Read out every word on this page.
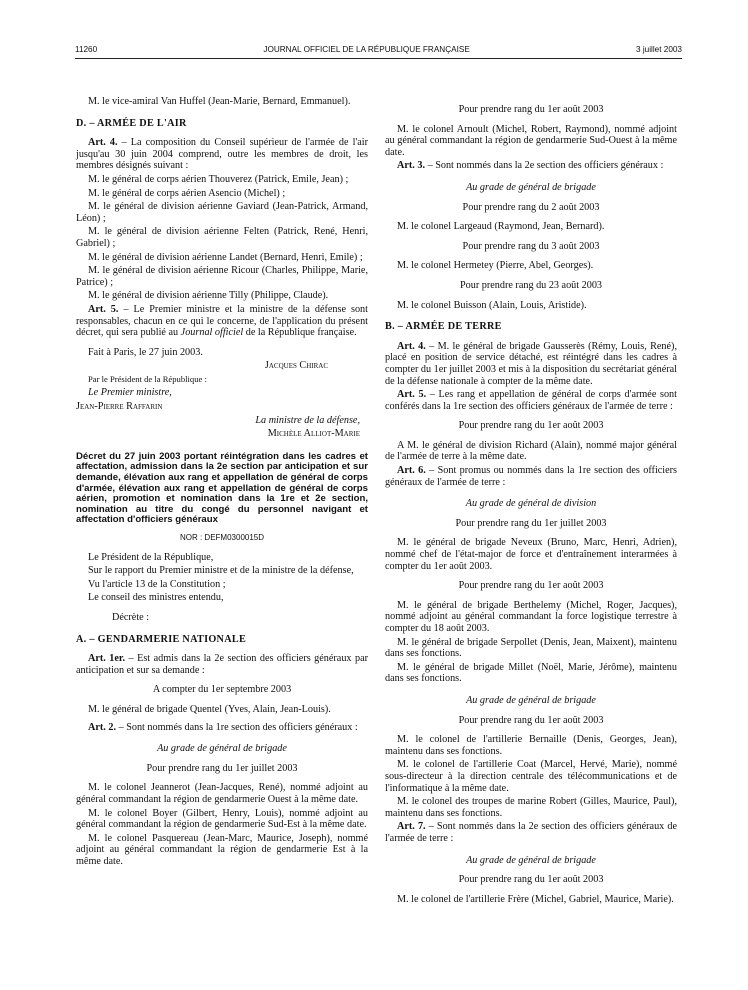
11260	JOURNAL OFFICIEL DE LA RÉPUBLIQUE FRANÇAISE	3 juillet 2003

M. le vice-amiral Van Huffel (Jean-Marie, Bernard, Emmanuel).

D. – ARMÉE DE L'AIR

Art. 4. – La composition du Conseil supérieur de l'armée de l'air jusqu'au 30 juin 2004 comprend, outre les membres de droit, les membres désignés suivant :

M. le général de corps aérien Thouverez (Patrick, Emile, Jean) ;

M. le général de corps aérien Asencio (Michel) ;

M. le général de division aérienne Gaviard (Jean-Patrick, Armand, Léon) ;

M. le général de division aérienne Felten (Patrick, René, Henri, Gabriel) ;

M. le général de division aérienne Landet (Bernard, Henri, Emile) ;

M. le général de division aérienne Ricour (Charles, Philippe, Marie, Patrice) ;

M. le général de division aérienne Tilly (Philippe, Claude).

Art. 5. – Le Premier ministre et la ministre de la défense sont responsables, chacun en ce qui le concerne, de l'application du présent décret, qui sera publié au Journal officiel de la République française.

Fait à Paris, le 27 juin 2003.

Jacques Chirac

Par le Président de la République :

Le Premier ministre,

Jean-Pierre Raffarin

La ministre de la défense,

Michèle Alliot-Marie

Décret du 27 juin 2003 portant réintégration dans les cadres et affectation, admission dans la 2e section par anticipation et sur demande, élévation aux rang et appellation de général de corps d'armée, élévation aux rang et appellation de général de corps aérien, promotion et nomination dans la 1re et 2e section, nomination au titre du congé du personnel navigant et affectation d'officiers généraux

NOR : DEFM0300015D

Le Président de la République,

Sur le rapport du Premier ministre et de la ministre de la défense,

Vu l'article 13 de la Constitution ;

Le conseil des ministres entendu,

Décrète :

A. – GENDARMERIE NATIONALE

Art. 1er. – Est admis dans la 2e section des officiers généraux par anticipation et sur sa demande :

A compter du 1er septembre 2003

M. le général de brigade Quentel (Yves, Alain, Jean-Louis).

Art. 2. – Sont nommés dans la 1re section des officiers généraux :

Au grade de général de brigade

Pour prendre rang du 1er juillet 2003

M. le colonel Jeannerot (Jean-Jacques, René), nommé adjoint au général commandant la région de gendarmerie Ouest à la même date.

M. le colonel Boyer (Gilbert, Henry, Louis), nommé adjoint au général commandant la région de gendarmerie Sud-Est à la même date.

M. le colonel Pasquereau (Jean-Marc, Maurice, Joseph), nommé adjoint au général commandant la région de gendarmerie Est à la même date.

Pour prendre rang du 1er août 2003

M. le colonel Arnoult (Michel, Robert, Raymond), nommé adjoint au général commandant la région de gendarmerie Sud-Ouest à la même date.

Art. 3. – Sont nommés dans la 2e section des officiers généraux :

Au grade de général de brigade

Pour prendre rang du 2 août 2003

M. le colonel Largeaud (Raymond, Jean, Bernard).

Pour prendre rang du 3 août 2003

M. le colonel Hermetey (Pierre, Abel, Georges).

Pour prendre rang du 23 août 2003

M. le colonel Buisson (Alain, Louis, Aristide).

B. – ARMÉE DE TERRE

Art. 4. – M. le général de brigade Gausserès (Rémy, Louis, René), placé en position de service détaché, est réintégré dans les cadres à compter du 1er juillet 2003 et mis à la disposition du secrétariat général de la défense nationale à compter de la même date.

Art. 5. – Les rang et appellation de général de corps d'armée sont conférés dans la 1re section des officiers généraux de l'armée de terre :

Pour prendre rang du 1er août 2003

A M. le général de division Richard (Alain), nommé major général de l'armée de terre à la même date.

Art. 6. – Sont promus ou nommés dans la 1re section des officiers généraux de l'armée de terre :

Au grade de général de division

Pour prendre rang du 1er juillet 2003

M. le général de brigade Neveux (Bruno, Marc, Henri, Adrien), nommé chef de l'état-major de force et d'entraînement interarmées à compter du 1er août 2003.

Pour prendre rang du 1er août 2003

M. le général de brigade Berthelemy (Michel, Roger, Jacques), nommé adjoint au général commandant la force logistique terrestre à compter du 18 août 2003.

M. le général de brigade Serpollet (Denis, Jean, Maixent), maintenu dans ses fonctions.

M. le général de brigade Millet (Noël, Marie, Jérôme), maintenu dans ses fonctions.

Au grade de général de brigade

Pour prendre rang du 1er août 2003

M. le colonel de l'artillerie Bernaille (Denis, Georges, Jean), maintenu dans ses fonctions.

M. le colonel de l'artillerie Coat (Marcel, Hervé, Marie), nommé sous-directeur à la direction centrale des télécommunications et de l'informatique à la même date.

M. le colonel des troupes de marine Robert (Gilles, Maurice, Paul), maintenu dans ses fonctions.

Art. 7. – Sont nommés dans la 2e section des officiers généraux de l'armée de terre :

Au grade de général de brigade

Pour prendre rang du 1er août 2003

M. le colonel de l'artillerie Frère (Michel, Gabriel, Maurice, Marie).
